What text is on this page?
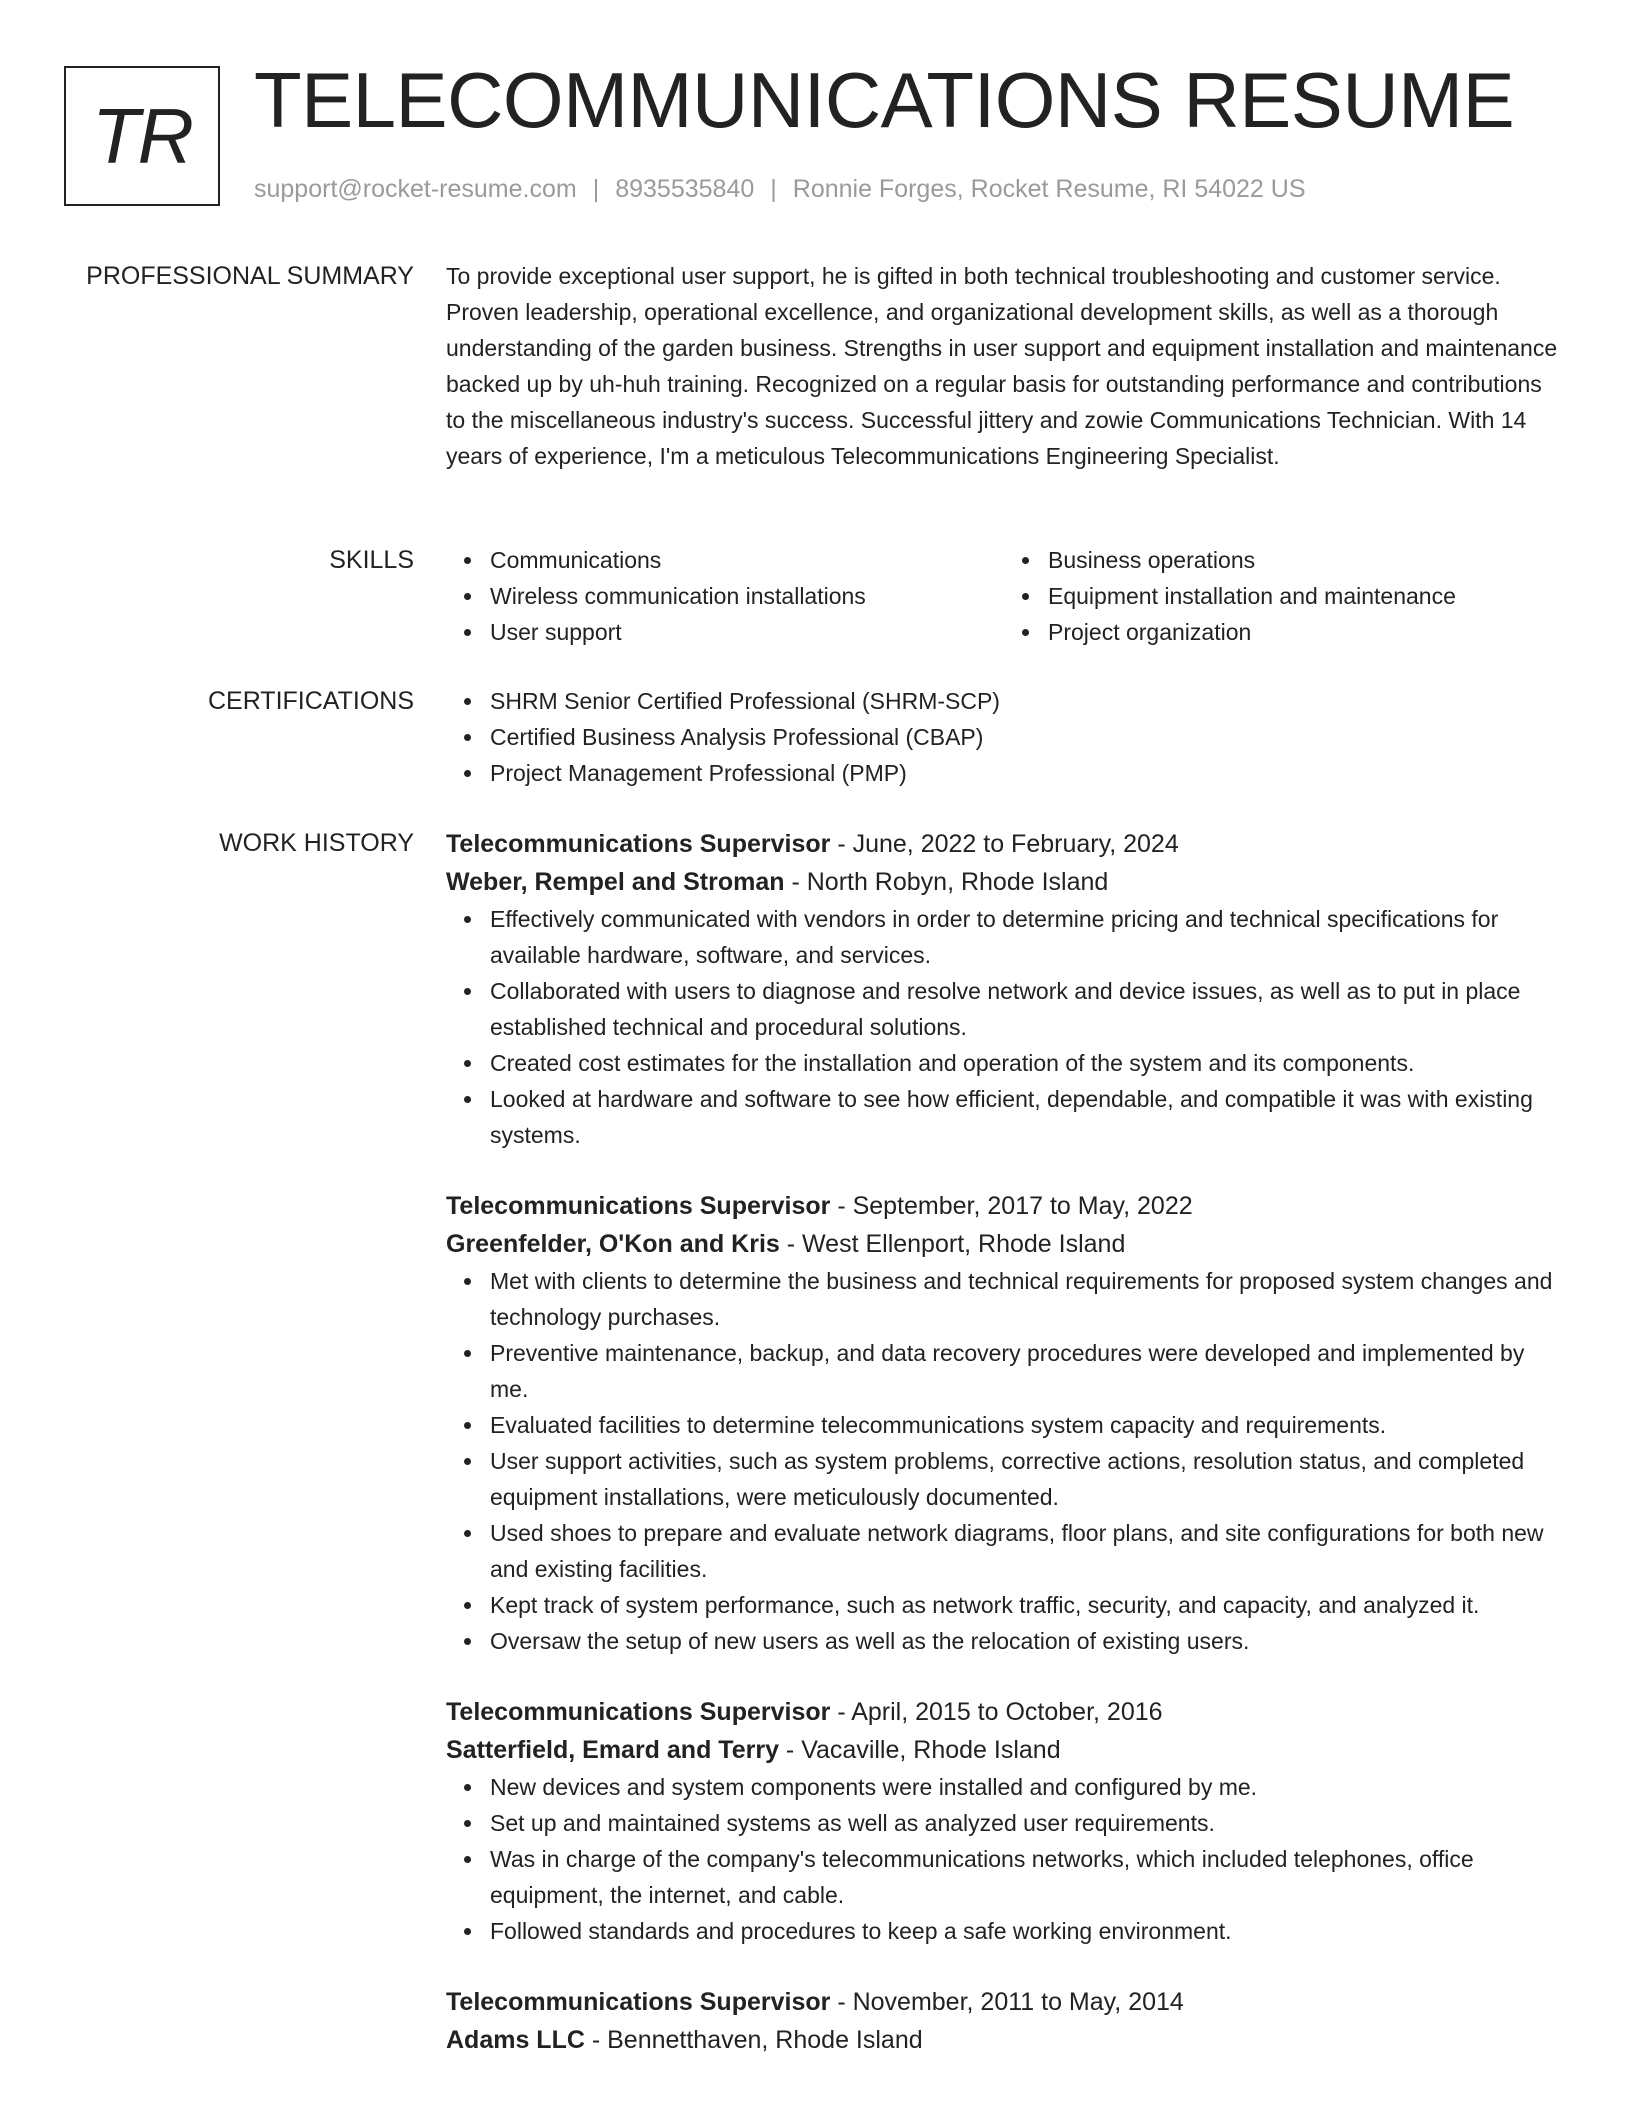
TR TELECOMMUNICATIONS RESUME
support@rocket-resume.com | 8935535840 | Ronnie Forges, Rocket Resume, RI 54022 US
PROFESSIONAL SUMMARY To provide exceptional user support, he is gifted in both technical troubleshooting and customer service. Proven leadership, operational excellence, and organizational development skills, as well as a thorough understanding of the garden business. Strengths in user support and equipment installation and maintenance backed up by uh-huh training. Recognized on a regular basis for outstanding performance and contributions to the miscellaneous industry's success. Successful jittery and zowie Communications Technician. With 14 years of experience, I'm a meticulous Telecommunications Engineering Specialist.

SKILLS	Communications
Wireless communication installations
User support
Business operations
Equipment installation and maintenance
Project organization
CERTIFICATIONS	SHRM Senior Certified Professional (SHRM-SCP)
Certified Business Analysis Professional (CBAP)
Project Management Professional (PMP)
WORK HISTORY Telecommunications Supervisor - June, 2022 to February, 2024
Weber, Rempel and Stroman - North Robyn, Rhode Island
Effectively communicated with vendors in order to determine pricing and technical specifications for available hardware, software, and services.
Collaborated with users to diagnose and resolve network and device issues, as well as to put in place established technical and procedural solutions.
Created cost estimates for the installation and operation of the system and its components.
Looked at hardware and software to see how efficient, dependable, and compatible it was with existing systems.
Telecommunications Supervisor - September, 2017 to May, 2022
Greenfelder, O'Kon and Kris - West Ellenport, Rhode Island
Met with clients to determine the business and technical requirements for proposed system changes and technology purchases.
Preventive maintenance, backup, and data recovery procedures were developed and implemented by me.
Evaluated facilities to determine telecommunications system capacity and requirements.
User support activities, such as system problems, corrective actions, resolution status, and completed equipment installations, were meticulously documented.
Used shoes to prepare and evaluate network diagrams, floor plans, and site configurations for both new and existing facilities.
Kept track of system performance, such as network traffic, security, and capacity, and analyzed it.
Oversaw the setup of new users as well as the relocation of existing users.
Telecommunications Supervisor - April, 2015 to October, 2016
Satterfield, Emard and Terry - Vacaville, Rhode Island
New devices and system components were installed and configured by me.
Set up and maintained systems as well as analyzed user requirements.
Was in charge of the company's telecommunications networks, which included telephones, office equipment, the internet, and cable.
Followed standards and procedures to keep a safe working environment.
Telecommunications Supervisor - November, 2011 to May, 2014
Adams LLC - Bennetthaven, Rhode Island
